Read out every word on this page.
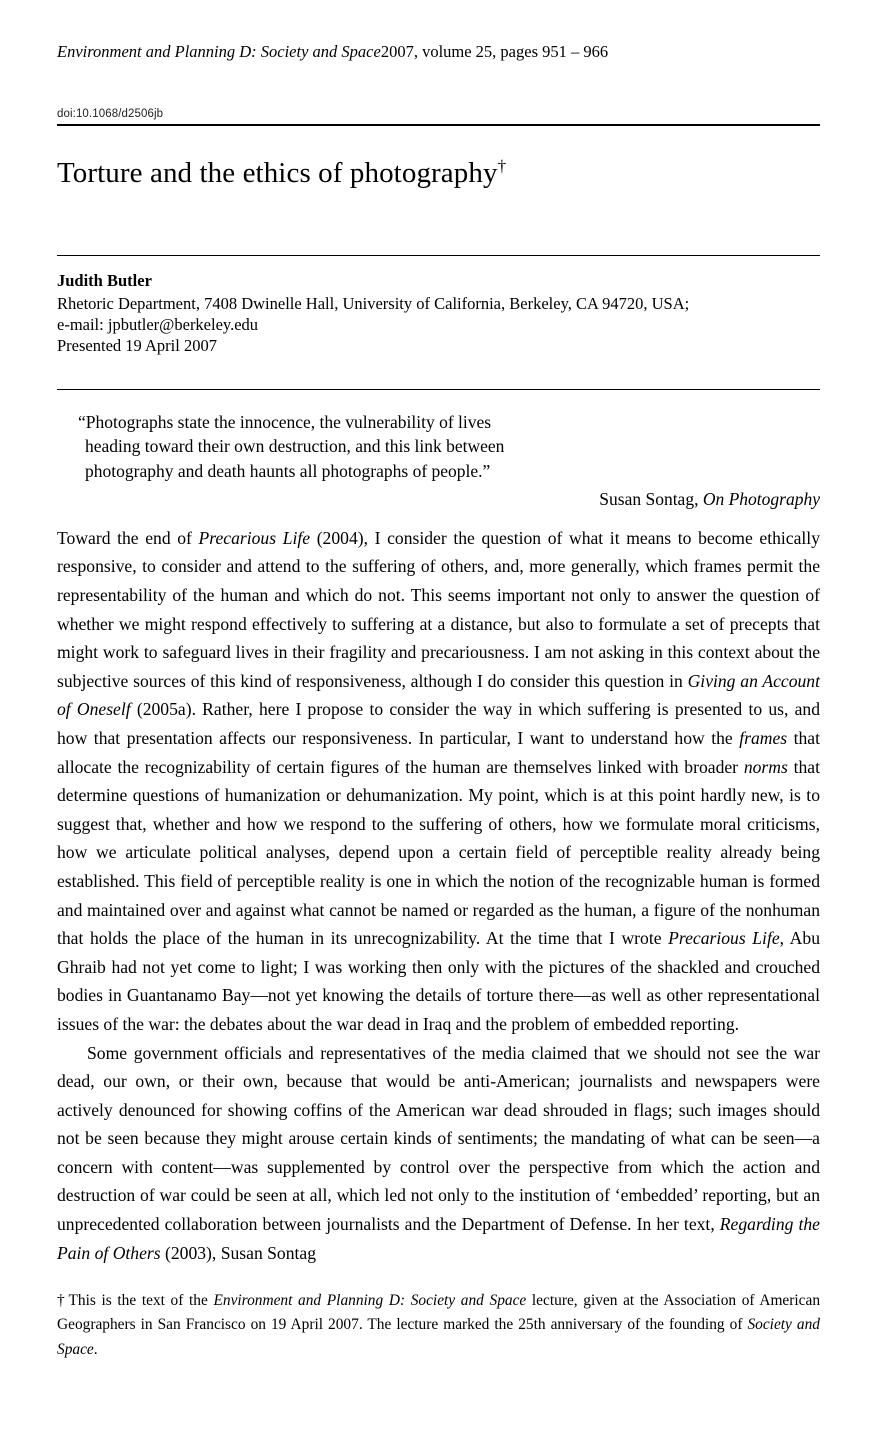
Environment and Planning D: Society and Space2007, volume 25, pages 951 – 966
doi:10.1068/d2506jb
Torture and the ethics of photography†
Judith Butler
Rhetoric Department, 7408 Dwinelle Hall, University of California, Berkeley, CA 94720, USA;
e-mail: jpbutler@berkeley.edu
Presented 19 April 2007
“Photographs state the innocence, the vulnerability of lives
heading toward their own destruction, and this link between
photography and death haunts all photographs of people.”
Susan Sontag, On Photography

Toward the end of Precarious Life (2004), I consider the question of what it means to become ethically responsive, to consider and attend to the suffering of others, and, more generally, which frames permit the representability of the human and which do not. This seems important not only to answer the question of whether we might respond effectively to suffering at a distance, but also to formulate a set of precepts that might work to safeguard lives in their fragility and precariousness. I am not asking in this context about the subjective sources of this kind of responsiveness, although I do consider this question in Giving an Account of Oneself (2005a). Rather, here I propose to consider the way in which suffering is presented to us, and how that presentation affects our responsiveness. In particular, I want to understand how the frames that allocate the recognizability of certain figures of the human are themselves linked with broader norms that determine questions of humanization or dehumanization. My point, which is at this point hardly new, is to suggest that, whether and how we respond to the suffering of others, how we formulate moral criticisms, how we articulate political analyses, depend upon a certain field of perceptible reality already being established. This field of perceptible reality is one in which the notion of the recognizable human is formed and maintained over and against what cannot be named or regarded as the human, a figure of the nonhuman that holds the place of the human in its unrecognizability. At the time that I wrote Precarious Life, Abu Ghraib had not yet come to light; I was working then only with the pictures of the shackled and crouched bodies in Guantanamo Bay—not yet knowing the details of torture there—as well as other representational issues of the war: the debates about the war dead in Iraq and the problem of embedded reporting.

Some government officials and representatives of the media claimed that we should not see the war dead, our own, or their own, because that would be anti-American; journalists and newspapers were actively denounced for showing coffins of the American war dead shrouded in flags; such images should not be seen because they might arouse certain kinds of sentiments; the mandating of what can be seen—a concern with content—was supplemented by control over the perspective from which the action and destruction of war could be seen at all, which led not only to the institution of ‘embedded’ reporting, but an unprecedented collaboration between journalists and the Department of Defense. In her text, Regarding the Pain of Others (2003), Susan Sontag

† This is the text of the Environment and Planning D: Society and Space lecture, given at the Association of American Geographers in San Francisco on 19 April 2007. The lecture marked the 25th anniversary of the founding of Society and Space.
